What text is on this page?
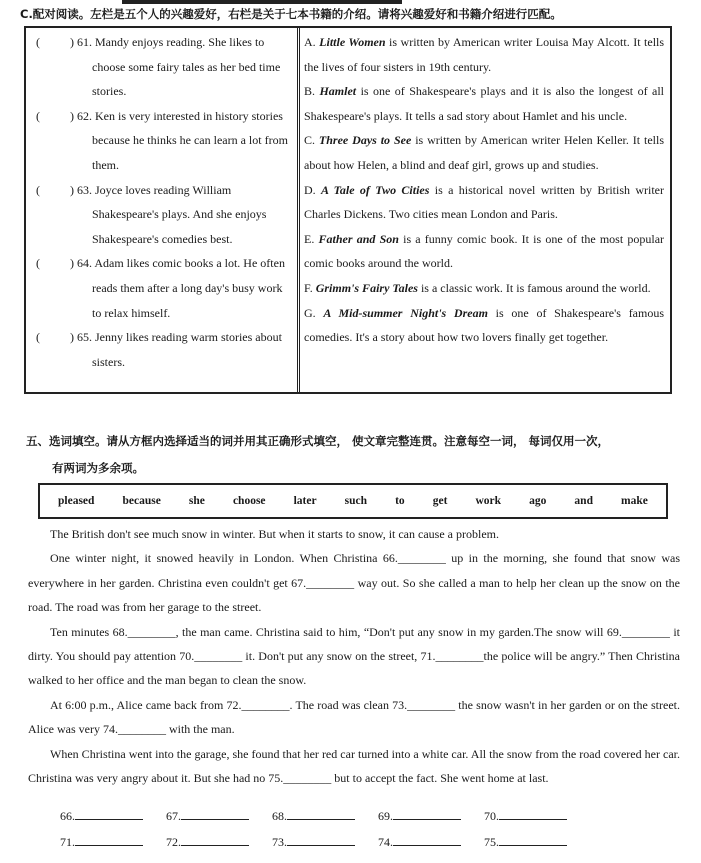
C.配对阅读。左栏是五个人的兴趣爱好，右栏是关于七本书籍的介绍。请将兴趣爱好和书籍介绍进行匹配。
(	) 61. Mandy enjoys reading. She likes to choose some fairy tales as her bed time stories.
(	) 62. Ken is very interested in history stories because he thinks he can learn a lot from them.
(	) 63. Joyce loves reading William Shakespeare's plays. And she enjoys Shakespeare's comedies best.
(	) 64. Adam likes comic books a lot. He often reads them after a long day's busy work to relax himself.
(	) 65. Jenny likes reading warm stories about sisters.
A. Little Women is written by American writer Louisa May Alcott. It tells the lives of four sisters in 19th century.
B. Hamlet is one of Shakespeare's plays and it is also the longest of all Shakespeare's plays. It tells a sad story about Hamlet and his uncle.
C. Three Days to See is written by American writer Helen Keller. It tells about how Helen, a blind and deaf girl, grows up and studies.
D. A Tale of Two Cities is a historical novel written by British writer Charles Dickens. Two cities mean London and Paris.
E. Father and Son is a funny comic book. It is one of the most popular comic books around the world.
F. Grimm's Fairy Tales is a classic work. It is famous around the world.
G. A Mid-summer Night's Dream is one of Shakespeare's famous comedies. It's a story about how two lovers finally get together.
五、选词填空。请从方框内选择适当的词并用其正确形式填空， 使文章完整连贯。注意每空一词， 每词仅用一次，
有两词为多余项。
pleased because she choose later such to get work ago and make

The British don't see much snow in winter. But when it starts to snow, it can cause a problem.

One winter night, it snowed heavily in London. When Christina 66.________ up in the morning, she found that snow was everywhere in her garden. Christina even couldn't get 67.________ way out. So she called a man to help her clean up the snow on the road. The road was from her garage to the street.

Ten minutes 68.________, the man came. Christina said to him, “Don't put any snow in my garden.The snow will 69.________ it dirty. You should pay attention 70.________ it. Don't put any snow on the street, 71.________the police will be angry.” Then Christina walked to her office and the man began to clean the snow.

At 6:00 p.m., Alice came back from 72.________. The road was clean 73.________ the snow wasn't in her garden or on the street. Alice was very 74.________ with the man.

When Christina went into the garage, she found that her red car turned into a white car. All the snow from the road covered her car. Christina was very angry about it. But she had no 75.________ but to accept the fact. She went home at last.

66.	67.	68.	69.	70.
71.	72.	73.	74.	75.
